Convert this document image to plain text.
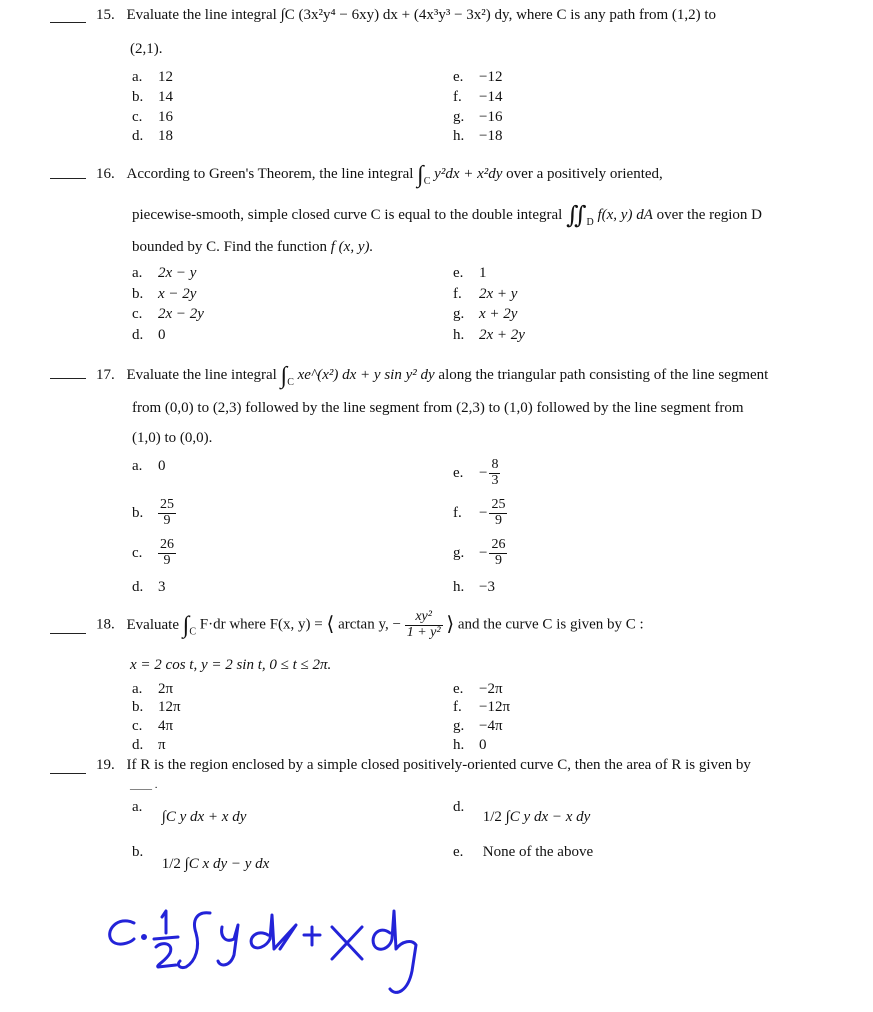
15. Evaluate the line integral ∫C (3x²y⁴ − 6xy) dx + (4x³y³ − 3x²) dy, where C is any path from (1,2) to
(2,1).
a. 12
b. 14
c. 16
d. 18
e. −12
f. −14
g. −16
h. −18
16. According to Green's Theorem, the line integral $\int_C$ y²dx + x²dy over a positively oriented,
piecewise-smooth, simple closed curve C is equal to the double integral $∬_D$ f(x, y) dA over the region D
bounded by C. Find the function f (x, y).
a. 2x − y
b. x − 2y
c. 2x − 2y
d. 0
e. 1
f. 2x + y
g. x + 2y
h. 2x + 2y
17. Evaluate the line integral $\int_C$ xe^(x²) dx + y sin y² dy along the triangular path consisting of the line segment
from (0,0) to (2,3) followed by the line segment from (2,3) to (1,0) followed by the line segment from
(1,0) to (0,0).
a. 0
b. $\frac{25}{9}$
c. $\frac{26}{9}$
d. 3
e. − $\frac{8}{3}$
f. − $\frac{25}{9}$
g. − $\frac{26}{9}$
h. −3
18. Evaluate $\int_C$ F·dr where F(x, y) = ⟨ arctan y, − $\frac{\text{xy²}}{\text{1 + y²}}$ ⟩ and the curve C is given by C :
x = 2 cos t, y = 2 sin t, 0 ≤ t ≤ 2π.
a. 2π
b. 12π
c. 4π
d. π
e. −2π
f. −12π
g. −4π
h. 0
19. If R is the region enclosed by a simple closed positively-oriented curve C, then the area of R is given by
____ .
a. ∫C y dx + x dy
b. 1/2 ∫C x dy − y dx
d. 1/2 ∫C y dx − x dy
e. None of the above
